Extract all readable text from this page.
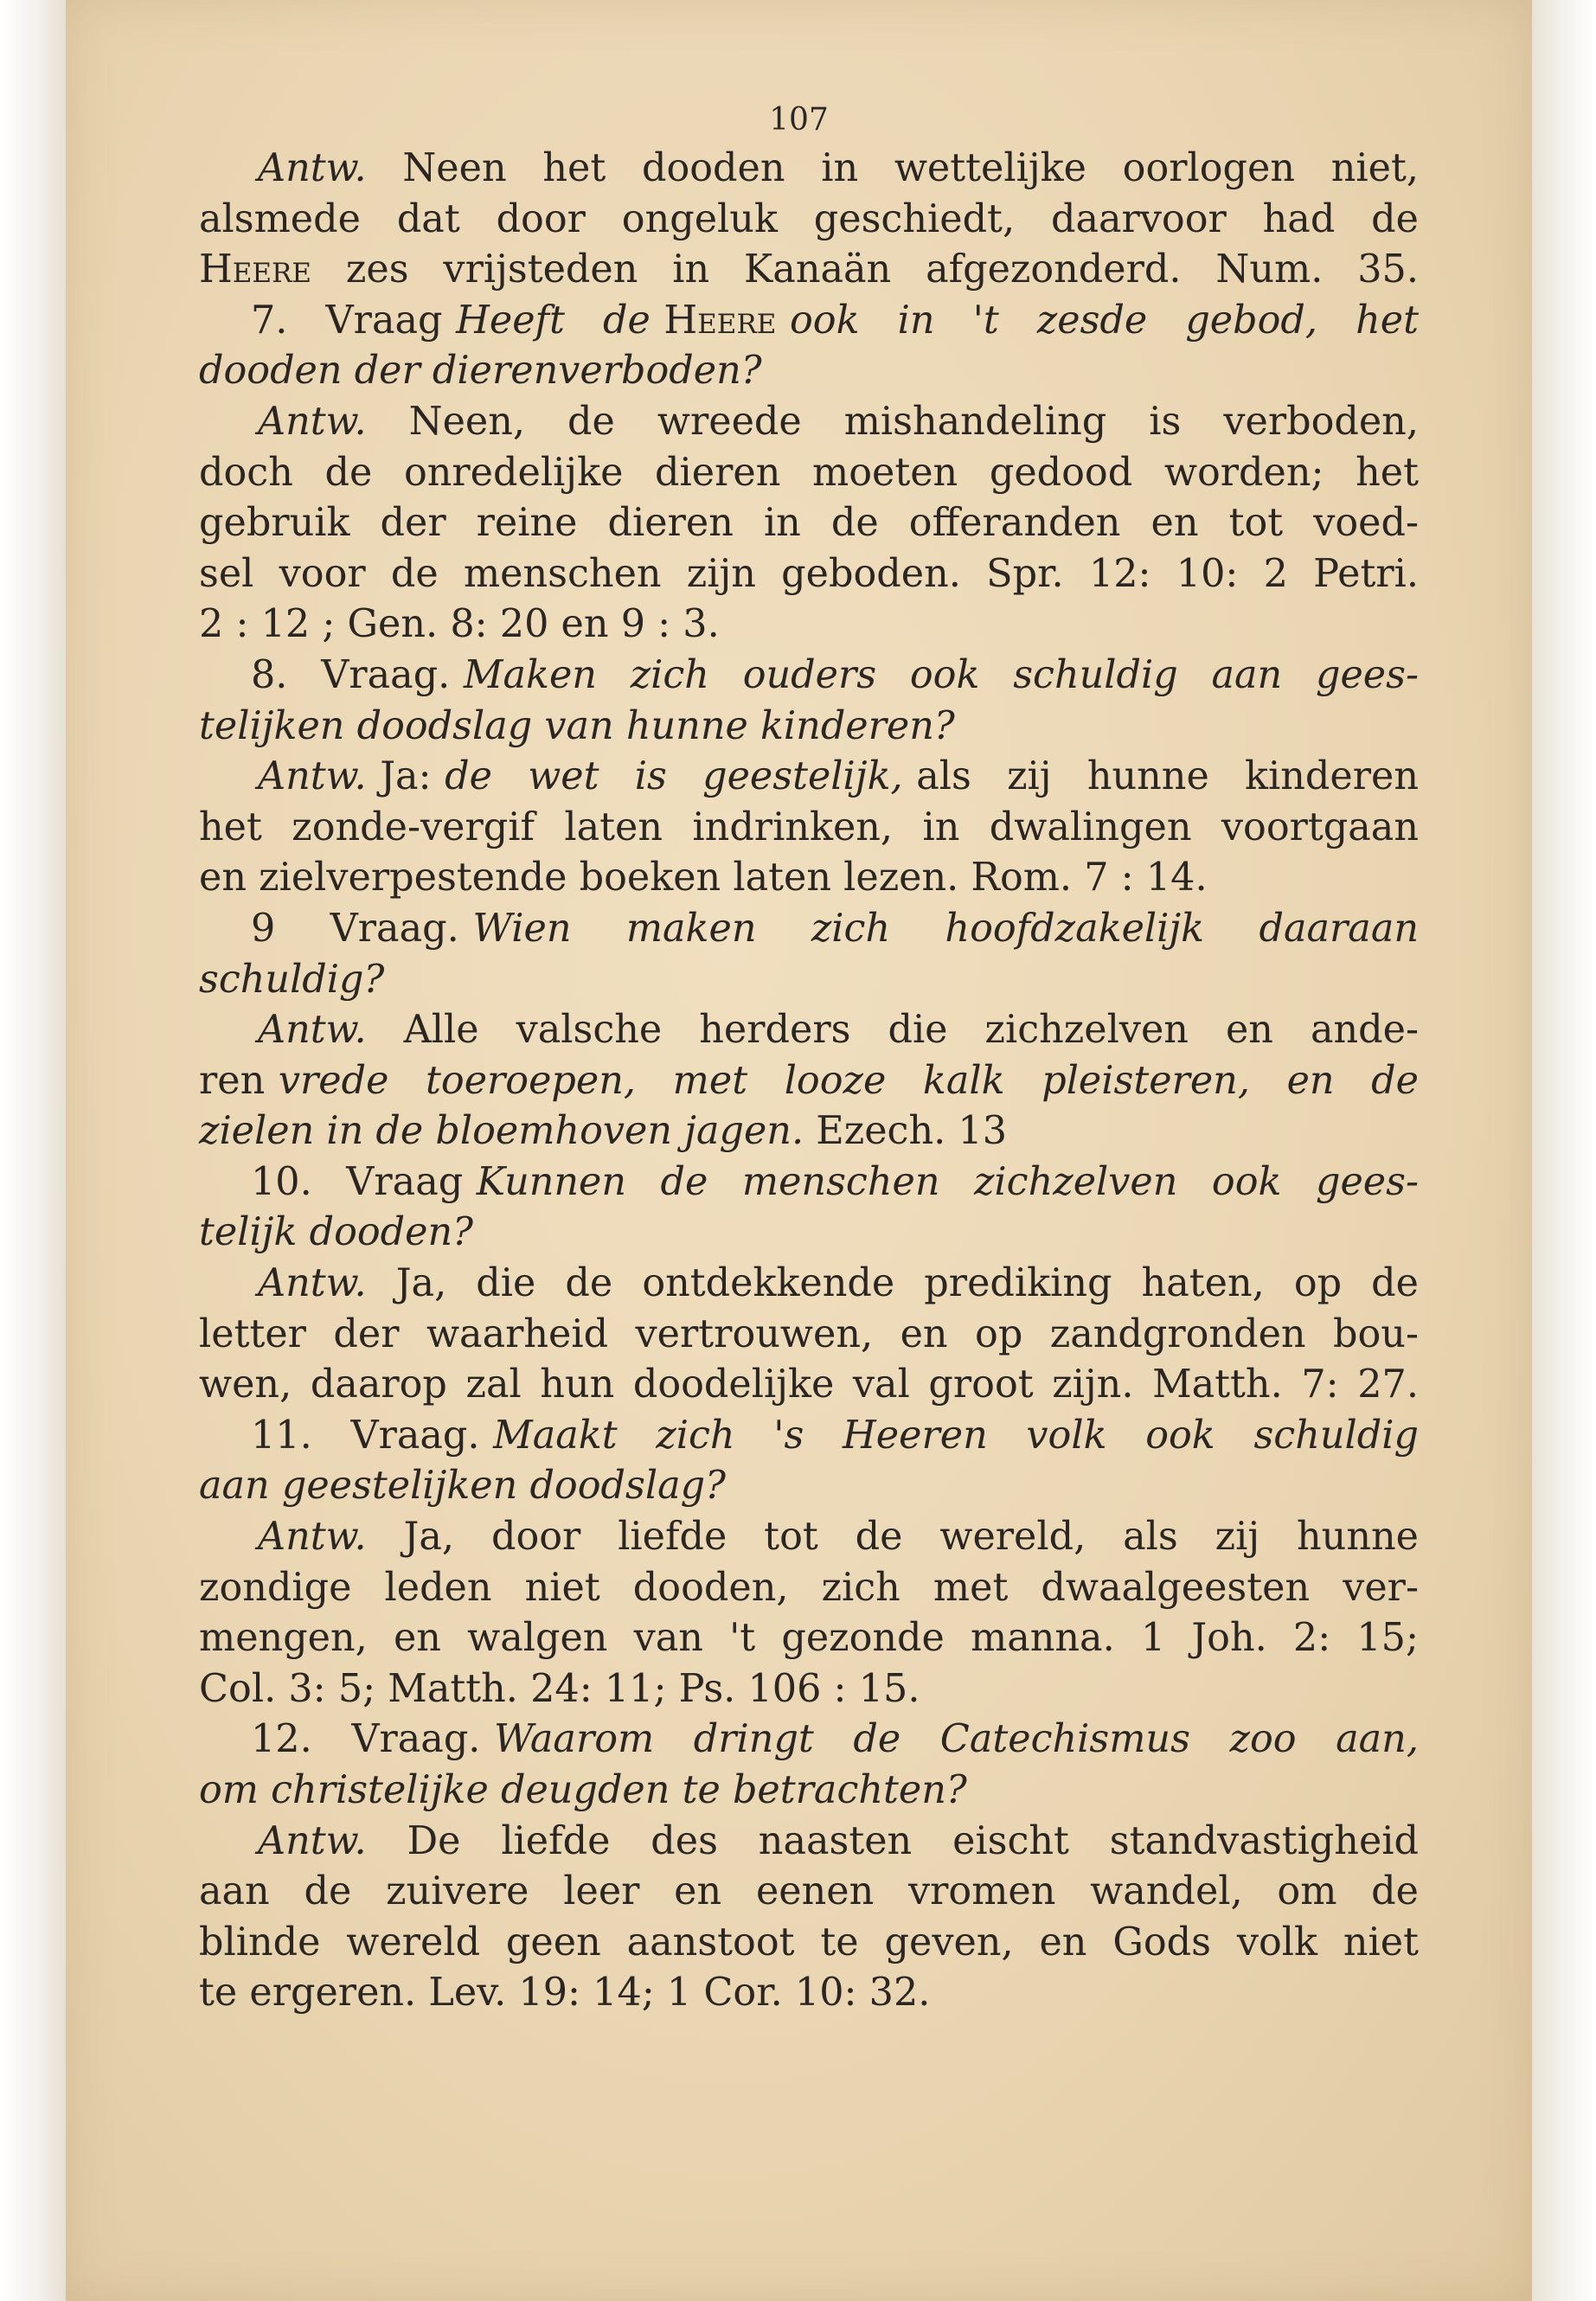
107
Antw. Neen het dooden in wettelijke oorlogen niet,
alsmede dat door ongeluk geschiedt, daarvoor had de
Heere zes vrijsteden in Kanaän afgezonderd. Num. 35.
7. Vraag Heeft de Heere ook in 't zesde gebod, het
dooden der dierenverboden?
Antw. Neen, de wreede mishandeling is verboden,
doch de onredelijke dieren moeten gedood worden; het
gebruik der reine dieren in de offeranden en tot voed-
sel voor de menschen zijn geboden. Spr. 12: 10: 2 Petri.
2 : 12 ; Gen. 8: 20 en 9 : 3.
8. Vraag. Maken zich ouders ook schuldig aan gees-
telijken doodslag van hunne kinderen?
Antw. Ja: de wet is geestelijk, als zij hunne kinderen
het zonde-vergif laten indrinken, in dwalingen voortgaan
en zielverpestende boeken laten lezen. Rom. 7 : 14.
9 Vraag. Wien maken zich hoofdzakelijk daaraan
schuldig?
Antw. Alle valsche herders die zichzelven en ande-
ren vrede toeroepen, met looze kalk pleisteren, en de
zielen in de bloemhoven jagen. Ezech. 13
10. Vraag Kunnen de menschen zichzelven ook gees-
telijk dooden?
Antw. Ja, die de ontdekkende prediking haten, op de
letter der waarheid vertrouwen, en op zandgronden bou-
wen, daarop zal hun doodelijke val groot zijn. Matth. 7: 27.
11. Vraag. Maakt zich 's Heeren volk ook schuldig
aan geestelijken doodslag?
Antw. Ja, door liefde tot de wereld, als zij hunne
zondige leden niet dooden, zich met dwaalgeesten ver-
mengen, en walgen van 't gezonde manna. 1 Joh. 2: 15;
Col. 3: 5; Matth. 24: 11; Ps. 106 : 15.
12. Vraag. Waarom dringt de Catechismus zoo aan,
om christelijke deugden te betrachten?
Antw. De liefde des naasten eischt standvastigheid
aan de zuivere leer en eenen vromen wandel, om de
blinde wereld geen aanstoot te geven, en Gods volk niet
te ergeren. Lev. 19: 14; 1 Cor. 10: 32.
